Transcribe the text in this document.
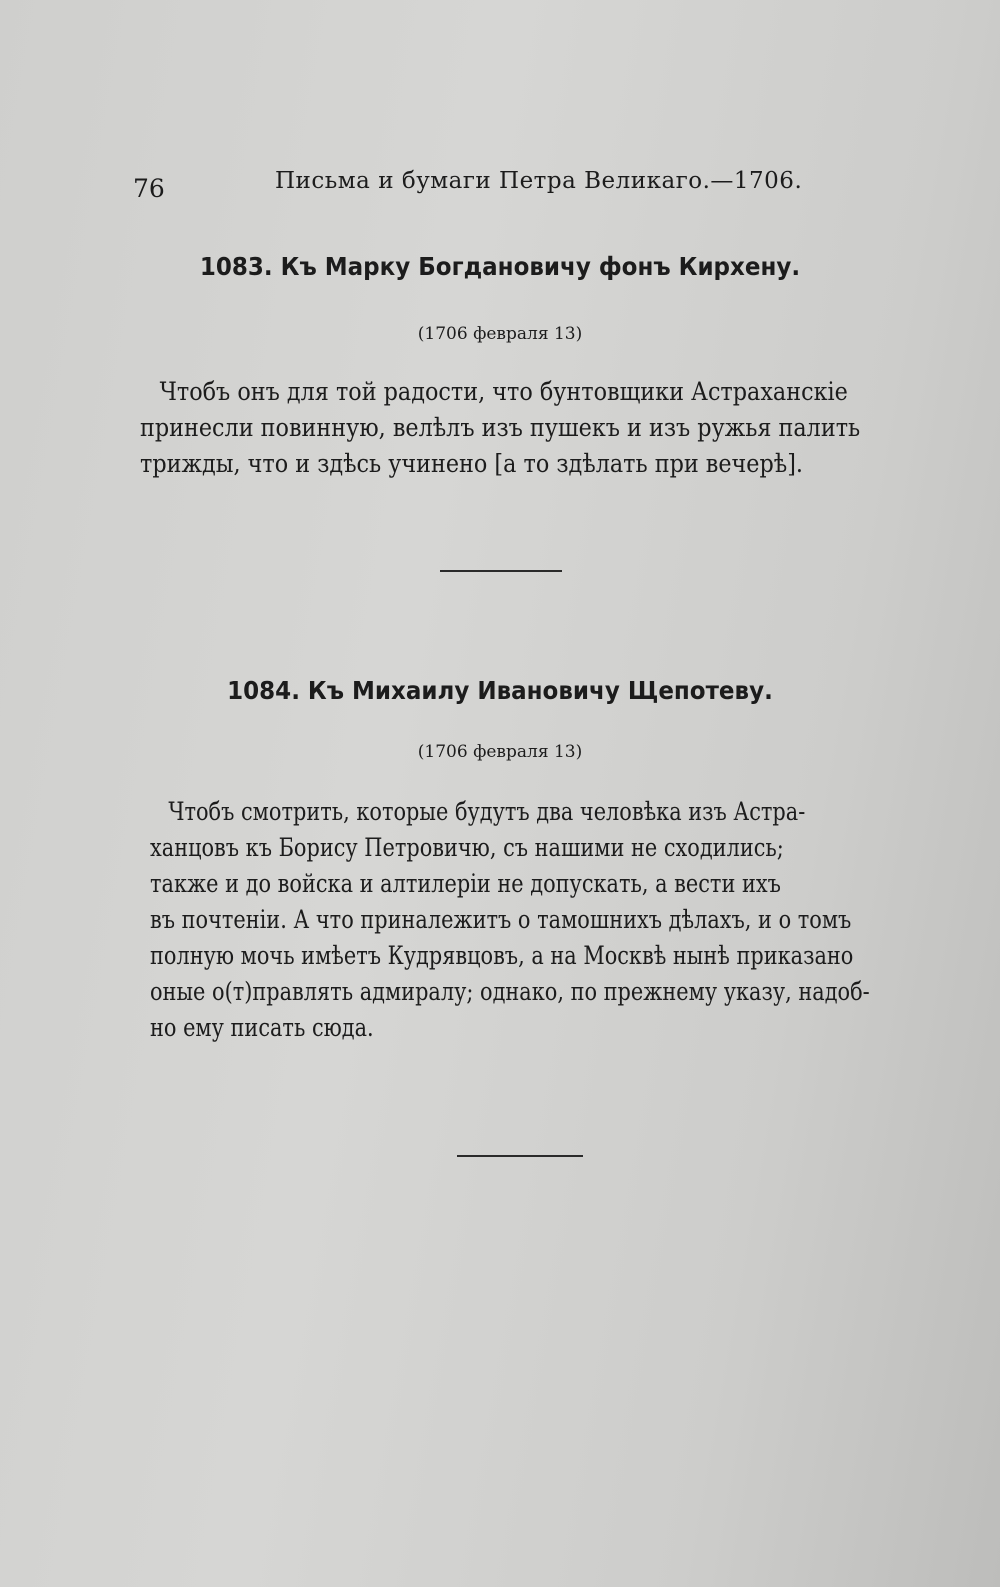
76	Письма и бумаги Петра Великаго.—1706.
1083. Къ Марку Богдановичу фонъ Кирхену.
(1706 февраля 13)
Чтобъ онъ для той радости, что бунтовщики Астраханскіе
принесли повинную, велѣлъ изъ пушекъ и изъ ружья палить
трижды, что и здѣсь учинено [а то здѣлать при вечерѣ].
1084. Къ Михаилу Ивановичу Щепотеву.
(1706 февраля 13)
Чтобъ смотрить, которые будутъ два человѣка изъ Астра-
ханцовъ къ Борису Петровичю, съ нашими не сходились;
также и до войска и алтилеріи не допускать, а вести ихъ
въ почтеніи. А что приналежитъ о тамошнихъ дѣлахъ, и о томъ
полную мочь имѣетъ Кудрявцовъ, а на Москвѣ нынѣ приказано
оные о(т)правлять адмиралу; однако, по прежнему указу, надоб-
но ему писать сюда.
